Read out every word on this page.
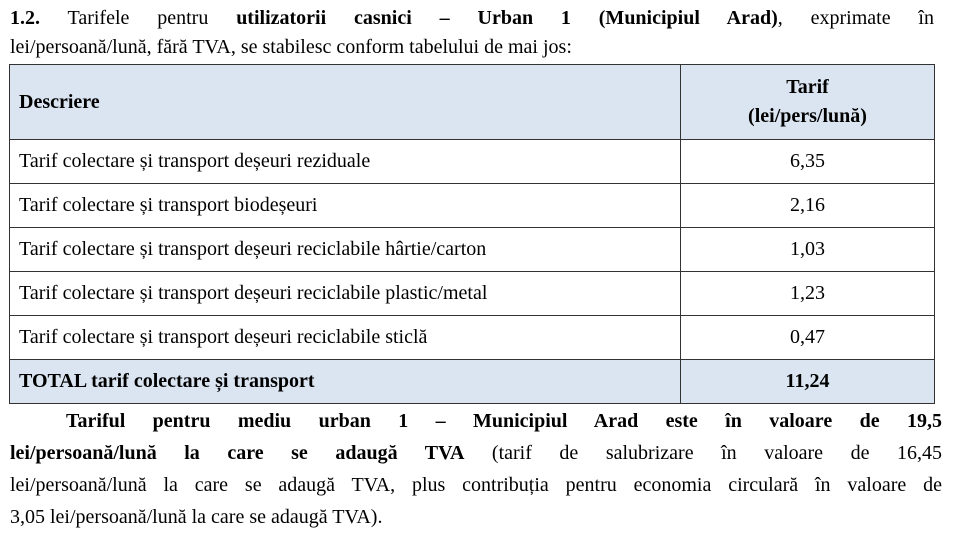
1.2. Tarifele pentru utilizatorii casnici – Urban 1 (Municipiul Arad), exprimate în
lei/persoană/lună, fără TVA, se stabilesc conform tabelului de mai jos:
Descriere	Tarif
(lei/pers/lună)
Tarif colectare și transport deșeuri reziduale	6,35
Tarif colectare și transport biodeșeuri	2,16
Tarif colectare și transport deșeuri reciclabile hârtie/carton	1,03
Tarif colectare și transport deșeuri reciclabile plastic/metal	1,23
Tarif colectare și transport deșeuri reciclabile sticlă	0,47
TOTAL tarif colectare și transport	11,24
Tariful pentru mediu urban 1 – Municipiul Arad este în valoare de 19,5
lei/persoană/lună la care se adaugă TVA (tarif de salubrizare în valoare de 16,45
lei/persoană/lună la care se adaugă TVA, plus contribuția pentru economia circulară în valoare de
3,05 lei/persoană/lună la care se adaugă TVA).
